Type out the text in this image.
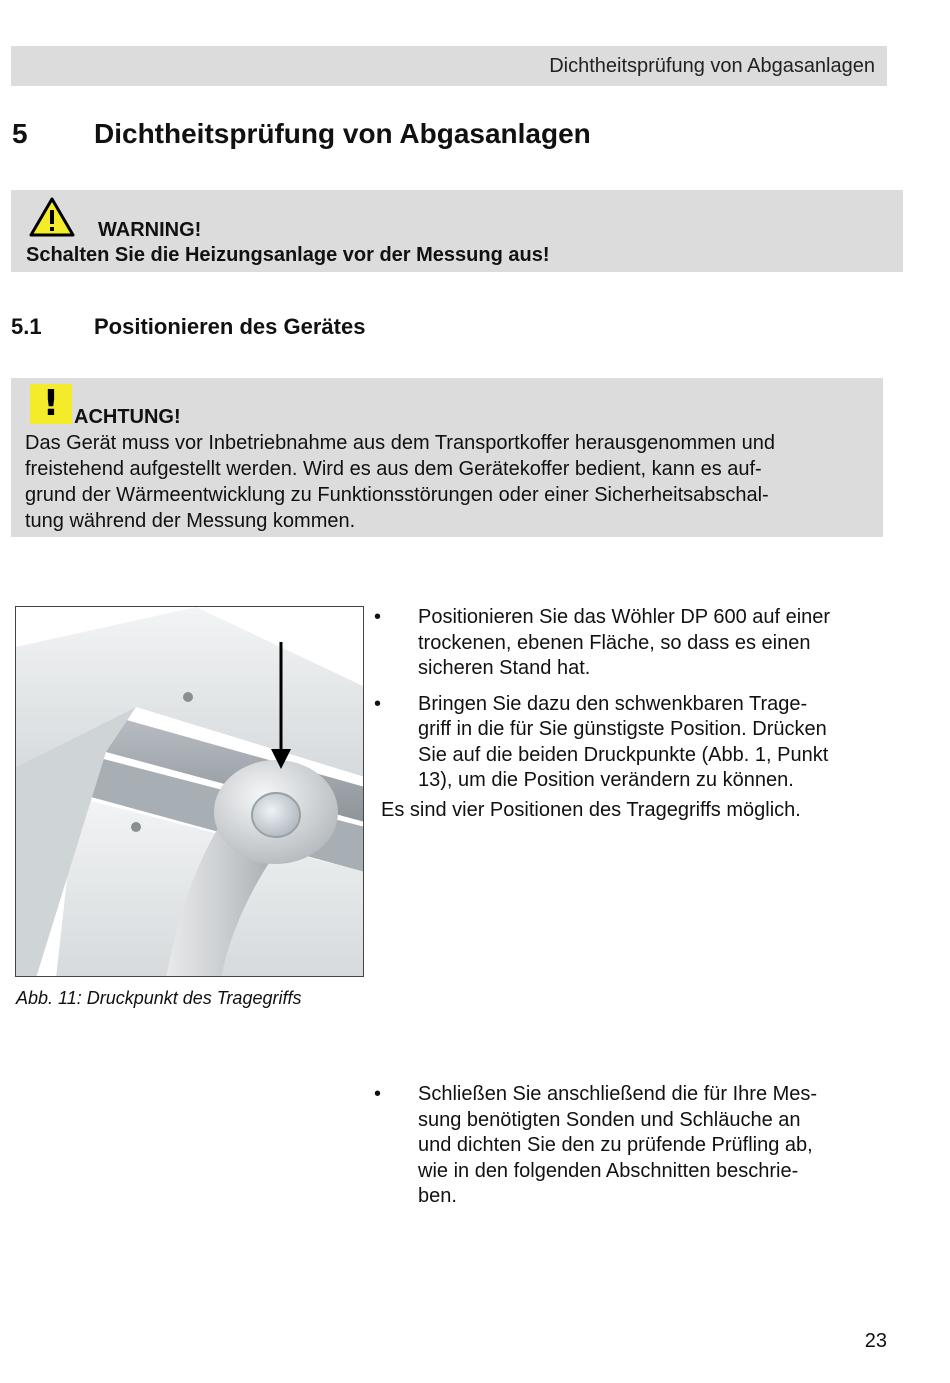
Dichtheitsprüfung von Abgasanlagen
5	Dichtheitsprüfung von Abgasanlagen
WARNING!
Schalten Sie die Heizungsanlage vor der Messung aus!
5.1 Positionieren des Gerätes
! ACHTUNG!
Das Gerät muss vor Inbetriebnahme aus dem Transportkoffer herausgenommen und
freistehend aufgestellt werden. Wird es aus dem Gerätekoffer bedient, kann es auf-
grund der Wärmeentwicklung zu Funktionsstörungen oder einer Sicherheitsabschal-
tung während der Messung kommen.
Abb. 11: Druckpunkt des Tragegriffs
• Positionieren Sie das Wöhler DP 600 auf einer
trockenen, ebenen Fläche, so dass es einen
sicheren Stand hat.
• Bringen Sie dazu den schwenkbaren Trage-
griff in die für Sie günstigste Position. Drücken
Sie auf die beiden Druckpunkte (Abb. 1, Punkt
13), um die Position verändern zu können.
Es sind vier Positionen des Tragegriffs möglich.
• Schließen Sie anschließend die für Ihre Mes-
sung benötigten Sonden und Schläuche an
und dichten Sie den zu prüfende Prüfling ab,
wie in den folgenden Abschnitten beschrie-
ben.
23
